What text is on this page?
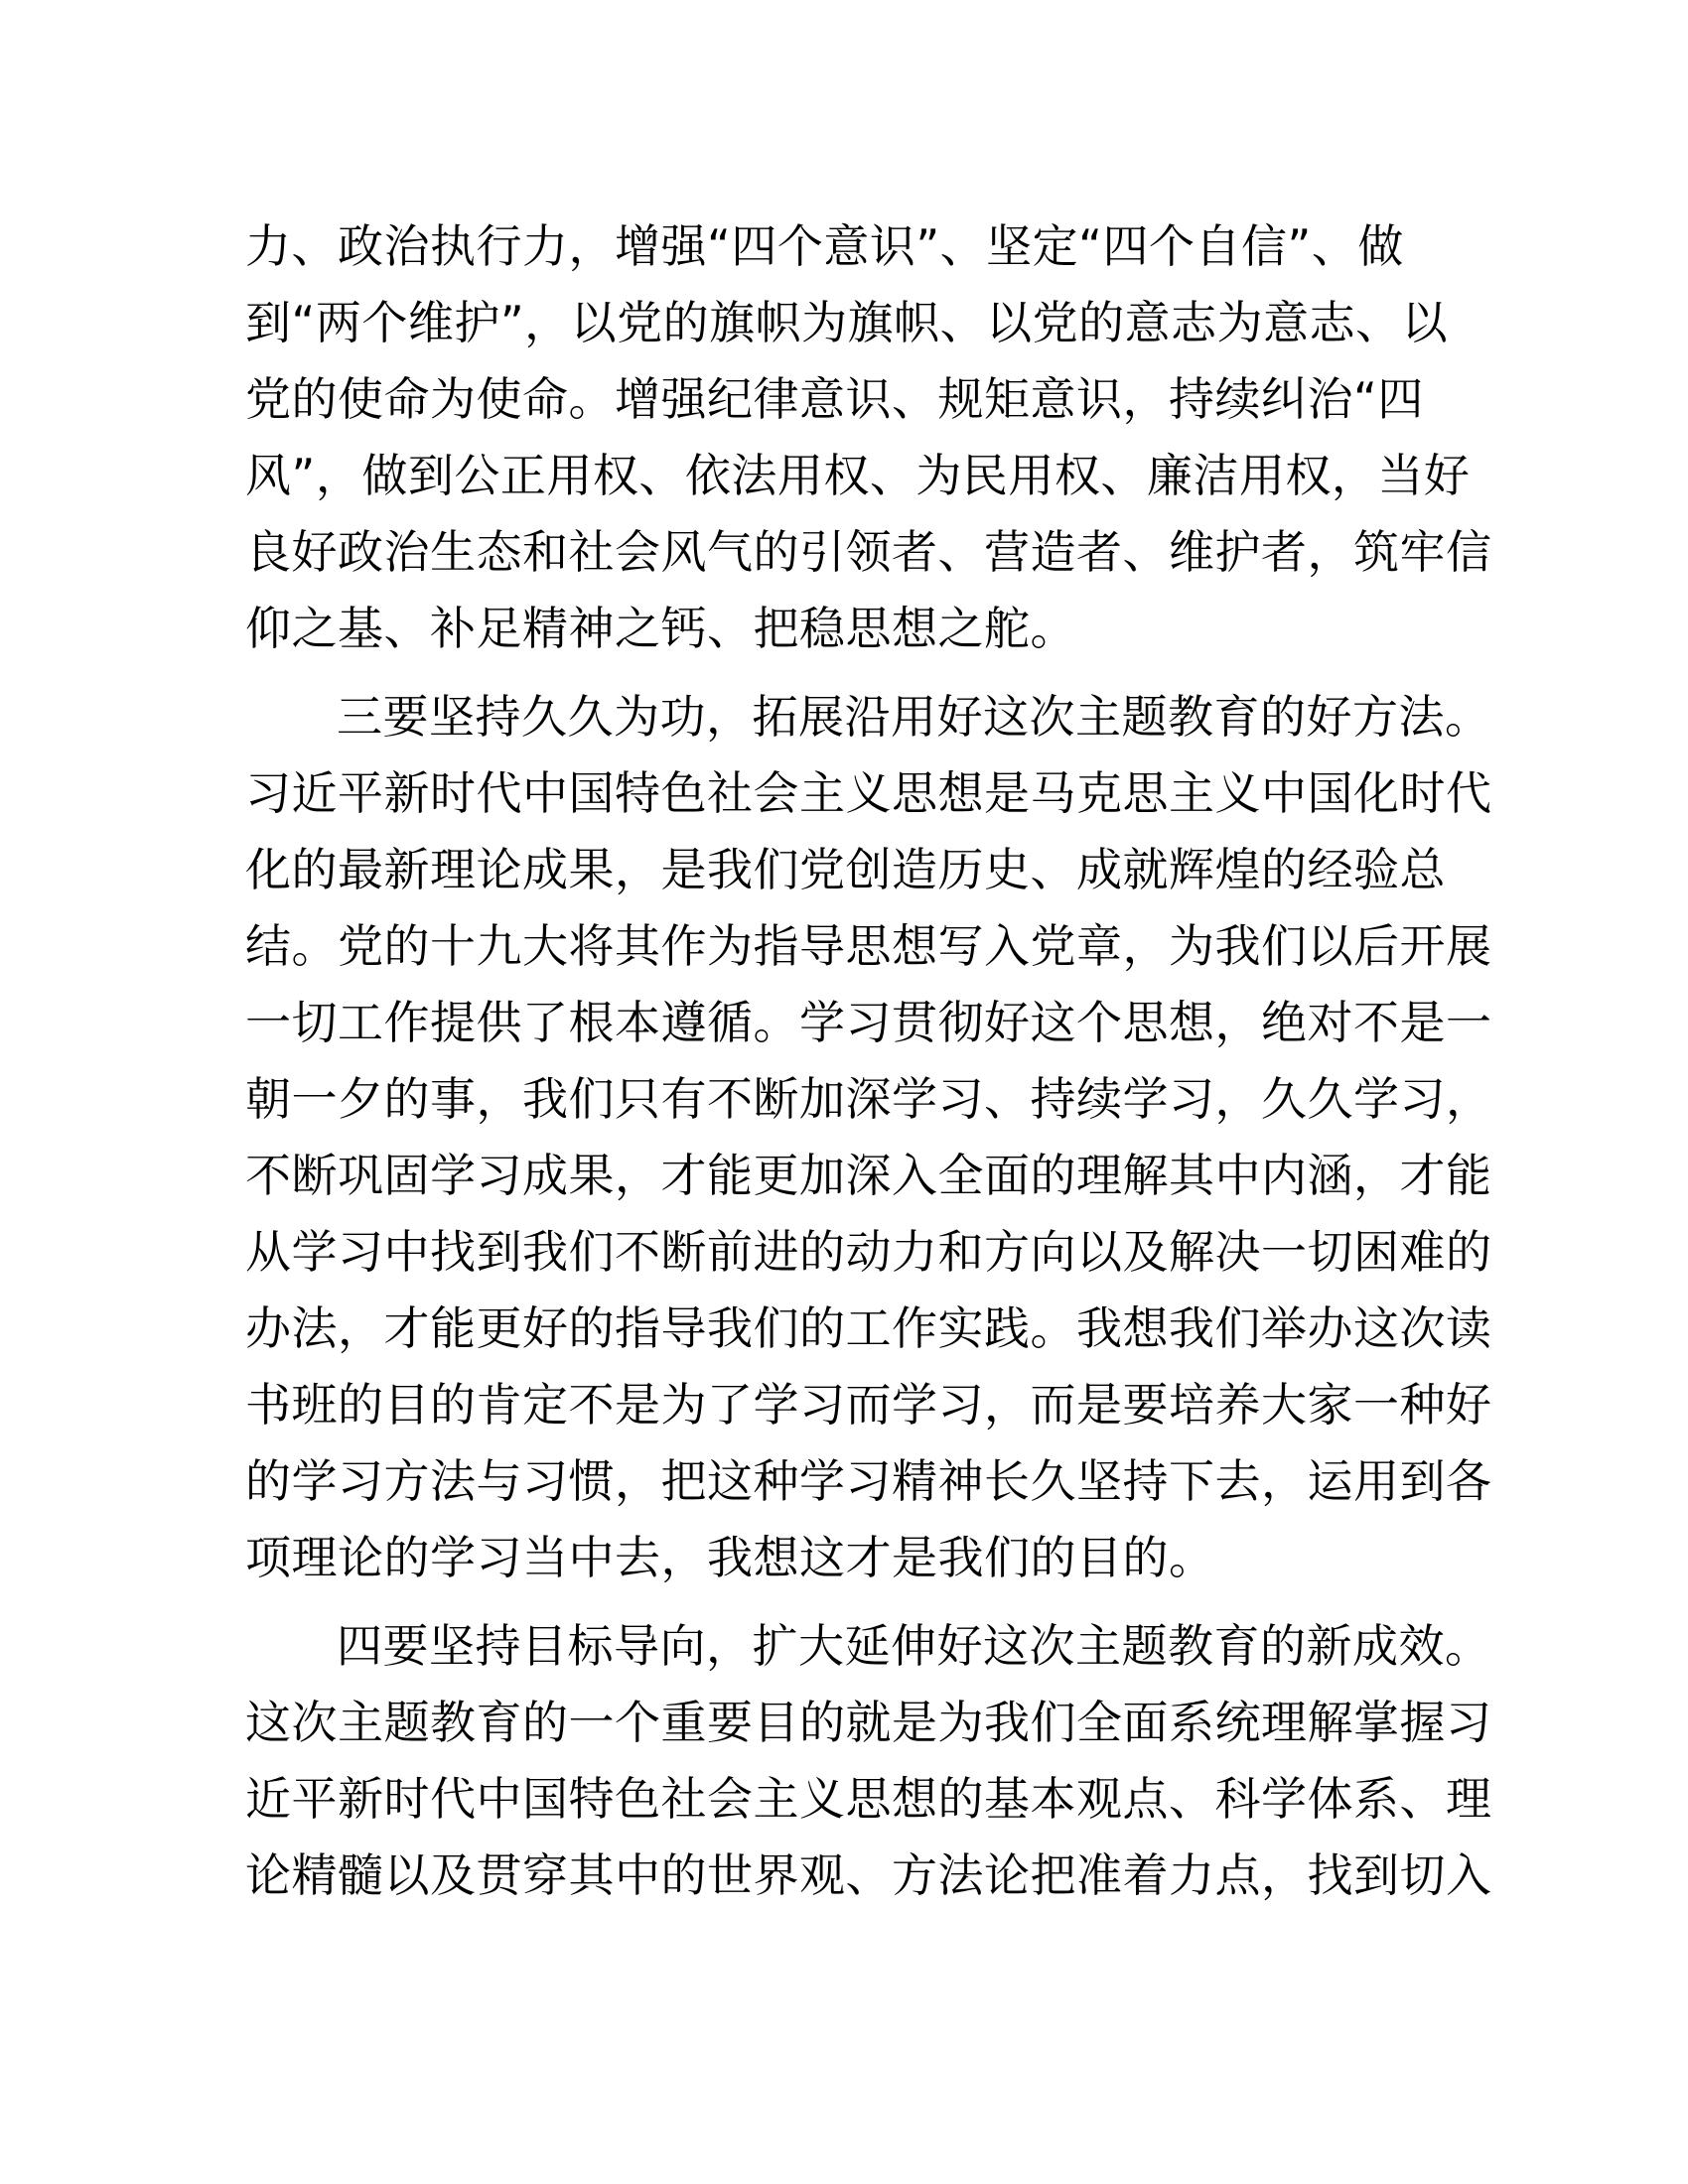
力、政治执行力，增强“四个意识”、坚定“四个自信”、做
到“两个维护”，以党的旗帜为旗帜、以党的意志为意志、以
党的使命为使命。增强纪律意识、规矩意识，持续纠治“四
风”，做到公正用权、依法用权、为民用权、廉洁用权，当好
良好政治生态和社会风气的引领者、营造者、维护者，筑牢信
仰之基、补足精神之钙、把稳思想之舵。
三要坚持久久为功，拓展沿用好这次主题教育的好方法。
习近平新时代中国特色社会主义思想是马克思主义中国化时代
化的最新理论成果，是我们党创造历史、成就辉煌的经验总
结。党的十九大将其作为指导思想写入党章，为我们以后开展
一切工作提供了根本遵循。学习贯彻好这个思想，绝对不是一
朝一夕的事，我们只有不断加深学习、持续学习，久久学习，
不断巩固学习成果，才能更加深入全面的理解其中内涵，才能
从学习中找到我们不断前进的动力和方向以及解决一切困难的
办法，才能更好的指导我们的工作实践。我想我们举办这次读
书班的目的肯定不是为了学习而学习，而是要培养大家一种好
的学习方法与习惯，把这种学习精神长久坚持下去，运用到各
项理论的学习当中去，我想这才是我们的目的。
四要坚持目标导向，扩大延伸好这次主题教育的新成效。
这次主题教育的一个重要目的就是为我们全面系统理解掌握习
近平新时代中国特色社会主义思想的基本观点、科学体系、理
论精髓以及贯穿其中的世界观、方法论把准着力点，找到切入
